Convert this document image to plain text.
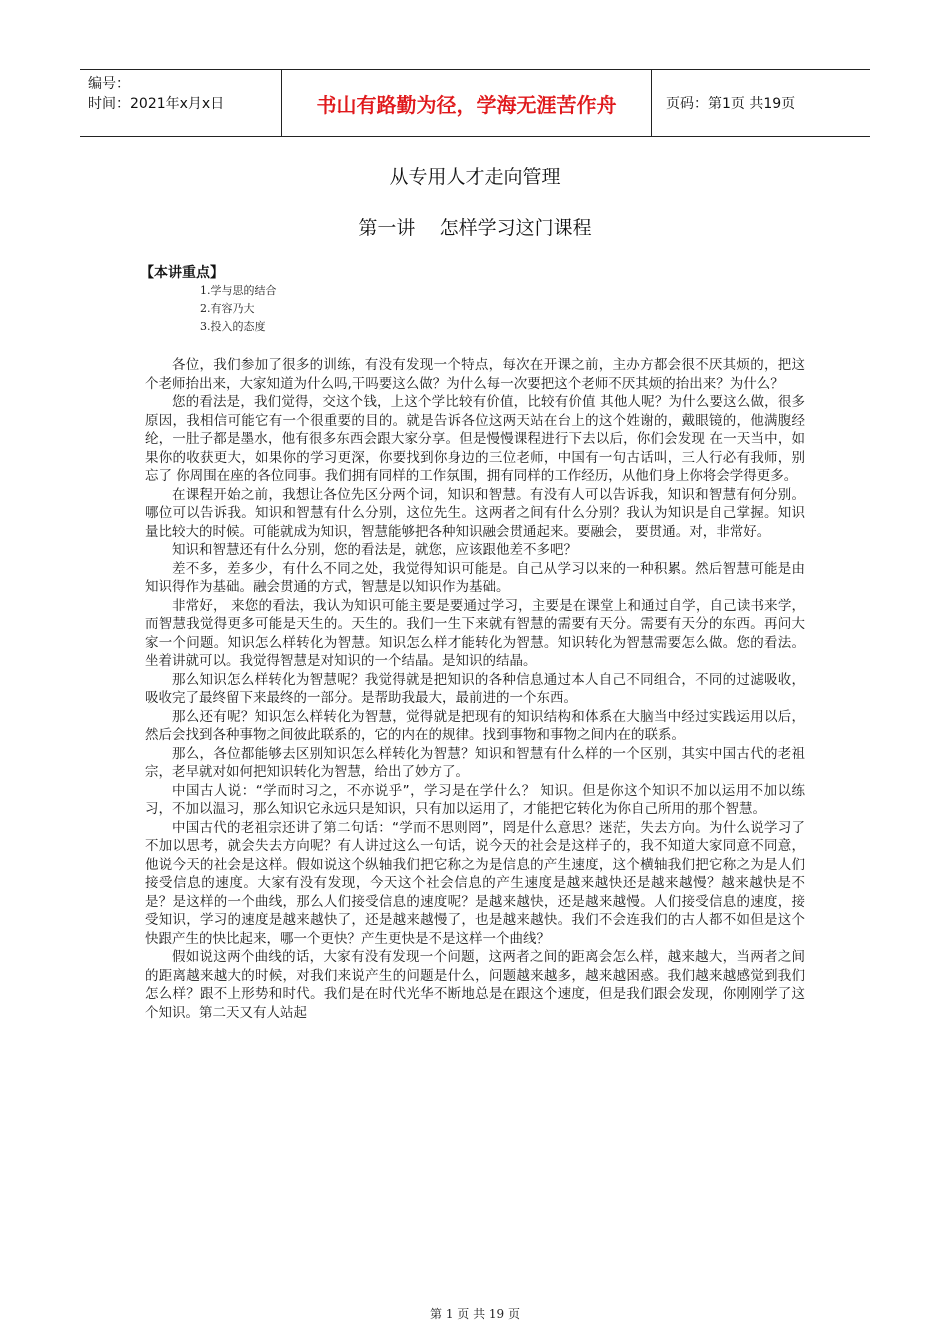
编号：
时间：2021年x月x日	书山有路勤为径，学海无涯苦作舟	页码：第1页 共19页
从专用人才走向管理
第一讲    怎样学习这门课程
【本讲重点】
1.学与思的结合
2.有容乃大
3.投入的态度

各位，我们参加了很多的训练，有没有发现一个特点，每次在开课之前，主办方都会很不厌其烦的，把这个老师抬出来，大家知道为什么吗,干吗要这么做？为什么每一次要把这个老师不厌其烦的抬出来？为什么？

您的看法是，我们觉得，交这个钱，上这个学比较有价值，比较有价值 其他人呢？为什么要这么做，很多原因，我相信可能它有一个很重要的目的。就是告诉各位这两天站在台上的这个姓谢的，戴眼镜的，他满腹经纶，一肚子都是墨水，他有很多东西会跟大家分享。但是慢慢课程进行下去以后，你们会发现 在一天当中，如果你的收获更大，如果你的学习更深，你要找到你身边的三位老师，中国有一句古话叫，三人行必有我师，别忘了 你周围在座的各位同事。我们拥有同样的工作氛围，拥有同样的工作经历，从他们身上你将会学得更多。

在课程开始之前，我想让各位先区分两个词，知识和智慧。有没有人可以告诉我，知识和智慧有何分别。哪位可以告诉我。知识和智慧有什么分别，这位先生。这两者之间有什么分别？我认为知识是自己掌握。知识量比较大的时候。可能就成为知识，智慧能够把各种知识融会贯通起来。要融会， 要贯通。对，非常好。

知识和智慧还有什么分别，您的看法是，就您，应该跟他差不多吧？

差不多，差多少，有什么不同之处，我觉得知识可能是。自己从学习以来的一种积累。然后智慧可能是由知识得作为基础。融会贯通的方式，智慧是以知识作为基础。

非常好， 来您的看法，我认为知识可能主要是要通过学习，主要是在课堂上和通过自学，自己读书来学，而智慧我觉得更多可能是天生的。天生的。我们一生下来就有智慧的需要有天分。需要有天分的东西。再问大家一个问题。知识怎么样转化为智慧。知识怎么样才能转化为智慧。知识转化为智慧需要怎么做。您的看法。坐着讲就可以。我觉得智慧是对知识的一个结晶。是知识的结晶。

那么知识怎么样转化为智慧呢？我觉得就是把知识的各种信息通过本人自己不同组合，不同的过滤吸收，吸收完了最终留下来最终的一部分。是帮助我最大，最前进的一个东西。

那么还有呢？知识怎么样转化为智慧，觉得就是把现有的知识结构和体系在大脑当中经过实践运用以后，然后会找到各种事物之间彼此联系的，它的内在的规律。找到事物和事物之间内在的联系。

那么，各位都能够去区别知识怎么样转化为智慧？知识和智慧有什么样的一个区别，其实中国古代的老祖宗，老早就对如何把知识转化为智慧，给出了妙方了。

中国古人说：“学而时习之，不亦说乎”，学习是在学什么？ 知识。但是你这个知识不加以运用不加以练习，不加以温习，那么知识它永远只是知识，只有加以运用了，才能把它转化为你自己所用的那个智慧。

中国古代的老祖宗还讲了第二句话：“学而不思则罔”，罔是什么意思？迷茫，失去方向。为什么说学习了不加以思考，就会失去方向呢？有人讲过这么一句话，说今天的社会是这样子的，我不知道大家同意不同意，他说今天的社会是这样。假如说这个纵轴我们把它称之为是信息的产生速度，这个横轴我们把它称之为是人们接受信息的速度。大家有没有发现，今天这个社会信息的产生速度是越来越快还是越来越慢？越来越快是不是？是这样的一个曲线，那么人们接受信息的速度呢？是越来越快，还是越来越慢。人们接受信息的速度，接受知识，学习的速度是越来越快了，还是越来越慢了，也是越来越快。我们不会连我们的古人都不如但是这个快跟产生的快比起来，哪一个更快？产生更快是不是这样一个曲线？

假如说这两个曲线的话，大家有没有发现一个问题，这两者之间的距离会怎么样，越来越大，当两者之间的距离越来越大的时候，对我们来说产生的问题是什么，问题越来越多，越来越困惑。我们越来越感觉到我们怎么样？跟不上形势和时代。我们是在时代光华不断地总是在跟这个速度，但是我们跟会发现，你刚刚学了这个知识。第二天又有人站起

第 1 页 共 19 页
